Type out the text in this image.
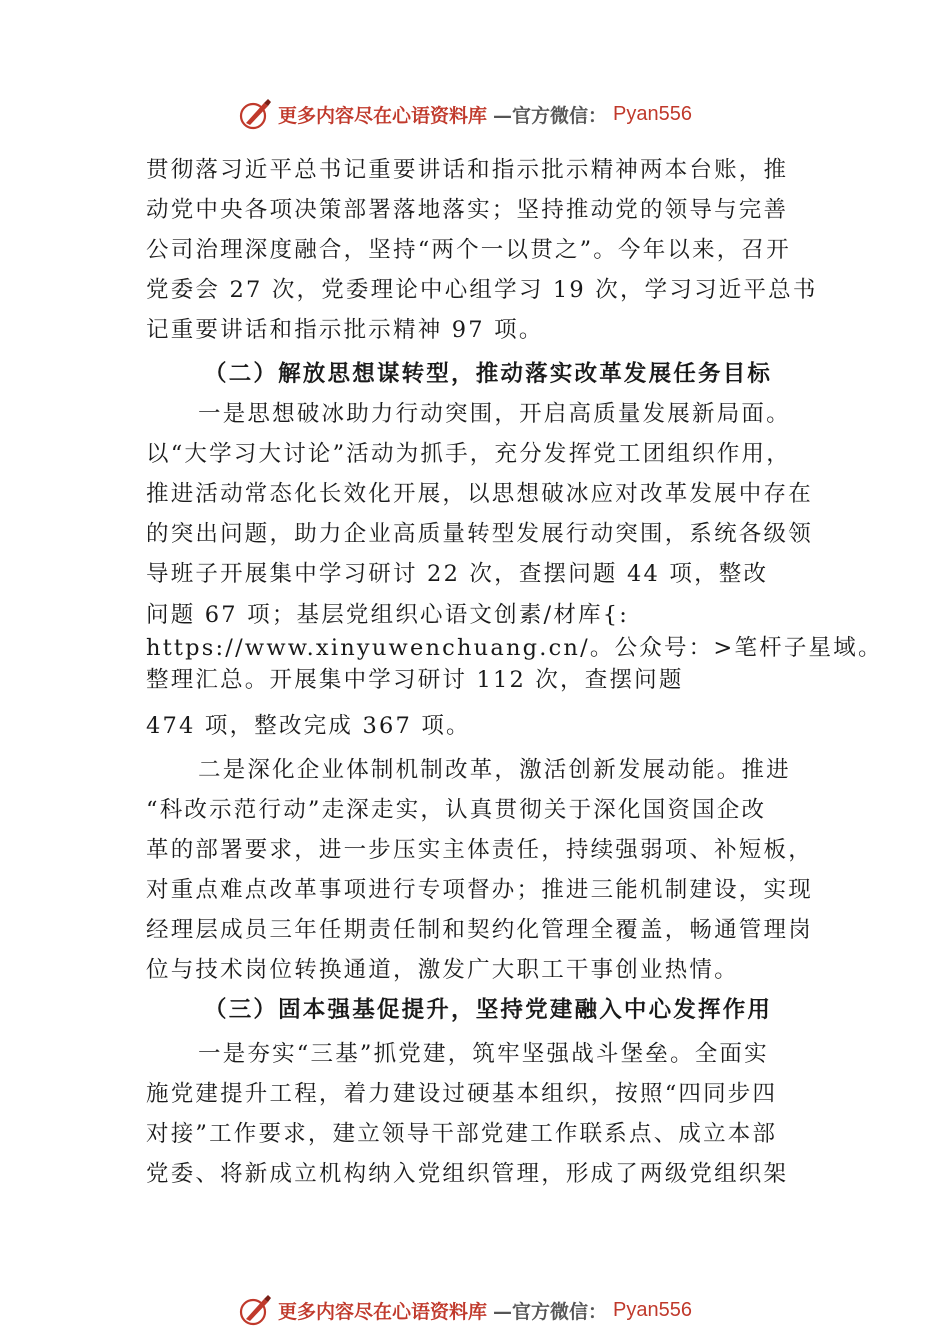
更多内容尽在心语资料库 —官方微信： Pyan556

贯彻落习近平总书记重要讲话和指示批示精神两本台账，推

动党中央各项决策部署落地落实；坚持推动党的领导与完善

公司治理深度融合，坚持“两个一以贯之”。今年以来，召开

党委会 27 次，党委理论中心组学习 19 次，学习习近平总书

记重要讲话和指示批示精神 97 项。

（二）解放思想谋转型，推动落实改革发展任务目标

一是思想破冰助力行动突围，开启高质量发展新局面。

以“大学习大讨论”活动为抓手，充分发挥党工团组织作用，

推进活动常态化长效化开展，以思想破冰应对改革发展中存在

的突出问题，助力企业高质量转型发展行动突围，系统各级领

导班子开展集中学习研讨 22 次，查摆问题 44 项，整改

问题 67 项；基层党组织心语文创素/材库{:

https://www.xinyuwenchuang.cn/。公众号：>笔杆子星域。

整理汇总。开展集中学习研讨 112 次，查摆问题

474 项，整改完成 367 项。

二是深化企业体制机制改革，激活创新发展动能。推进

“科改示范行动”走深走实，认真贯彻关于深化国资国企改

革的部署要求，进一步压实主体责任，持续强弱项、补短板，

对重点难点改革事项进行专项督办；推进三能机制建设，实现

经理层成员三年任期责任制和契约化管理全覆盖，畅通管理岗

位与技术岗位转换通道，激发广大职工干事创业热情。

（三）固本强基促提升，坚持党建融入中心发挥作用

一是夯实“三基”抓党建，筑牢坚强战斗堡垒。全面实

施党建提升工程，着力建设过硬基本组织，按照“四同步四

对接”工作要求，建立领导干部党建工作联系点、成立本部

党委、将新成立机构纳入党组织管理，形成了两级党组织架

更多内容尽在心语资料库 —官方微信： Pyan556
